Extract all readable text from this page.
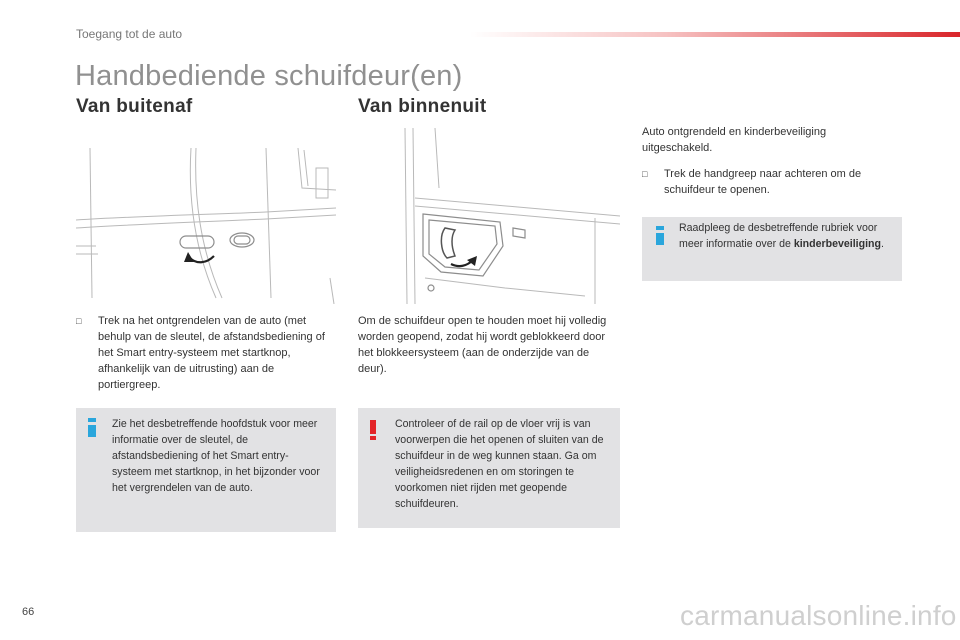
Toegang tot de auto
Handbediende schuifdeur(en)
Van buitenaf	Van binnenuit
□	Trek na het ontgrendelen van de auto (met behulp van de sleutel, de afstandsbediening of het Smart entry-systeem met startknop, afhankelijk van de uitrusting) aan de portiergreep.
Zie het desbetreffende hoofdstuk voor meer informatie over de sleutel, de afstandsbediening of het Smart entry-systeem met startknop, in het bijzonder voor het vergrendelen van de auto.
Om de schuifdeur open te houden moet hij volledig worden geopend, zodat hij wordt geblokkeerd door het blokkeersysteem (aan de onderzijde van de deur).
Controleer of de rail op de vloer vrij is van voorwerpen die het openen of sluiten van de schuifdeur in de weg kunnen staan. Ga om veiligheidsredenen en om storingen te voorkomen niet rijden met geopende schuifdeuren.
Auto ontgrendeld en kinderbeveiliging uitgeschakeld.
□	Trek de handgreep naar achteren om de schuifdeur te openen.
Raadpleeg de desbetreffende rubriek voor meer informatie over de kinderbeveiliging.
66	carmanualsonline.info
